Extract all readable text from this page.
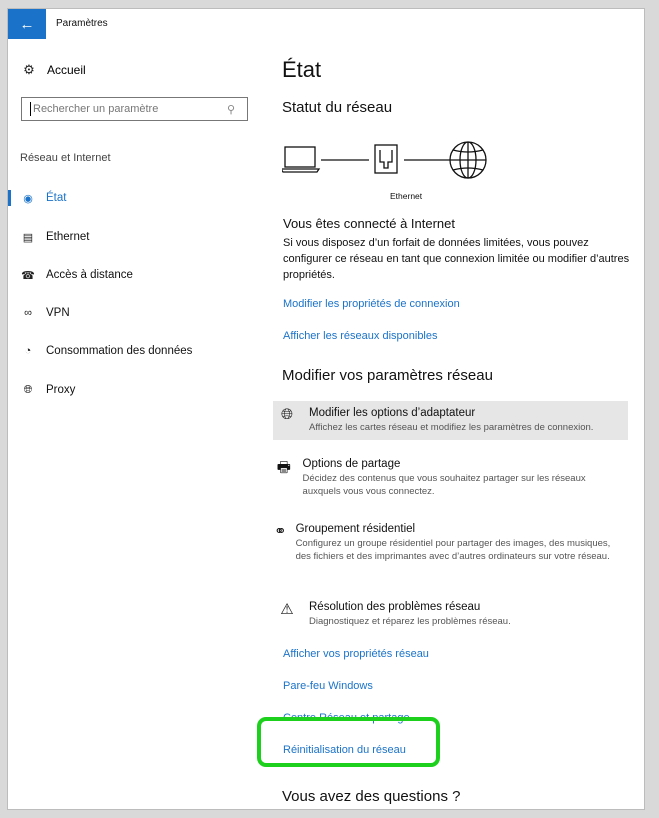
← Paramètres
⚙ Accueil
Rechercher un paramètre
⚲
Réseau et Internet
◉ État
▤ Ethernet
☎ Accès à distance
∞	VPN
◔	Consommation des données
🌐︎	Proxy
État
Statut du réseau
Ethernet
Vous êtes connecté à Internet
Si vous disposez d’un forfait de données limitées, vous pouvez configurer ce réseau en tant que connexion limitée ou modifier d’autres propriétés.
Modifier les propriétés de connexion
Afficher les réseaux disponibles
Modifier vos paramètres réseau
🌐︎	Modifier les options d’adaptateur
Affichez les cartes réseau et modifiez les paramètres de connexion.
🖶︎	Options de partage
Décidez des contenus que vous souhaitez partager sur les réseaux auxquels vous vous connectez.
⚭ Groupement résidentiel
Configurez un groupe résidentiel pour partager des images, des musiques, des fichiers et des imprimantes avec d’autres ordinateurs sur votre réseau.
⚠︎	Résolution des problèmes réseau
Diagnostiquez et réparez les problèmes réseau.
Afficher vos propriétés réseau
Pare-feu Windows
Centre Réseau et partage
Réinitialisation du réseau
Vous avez des questions ?
